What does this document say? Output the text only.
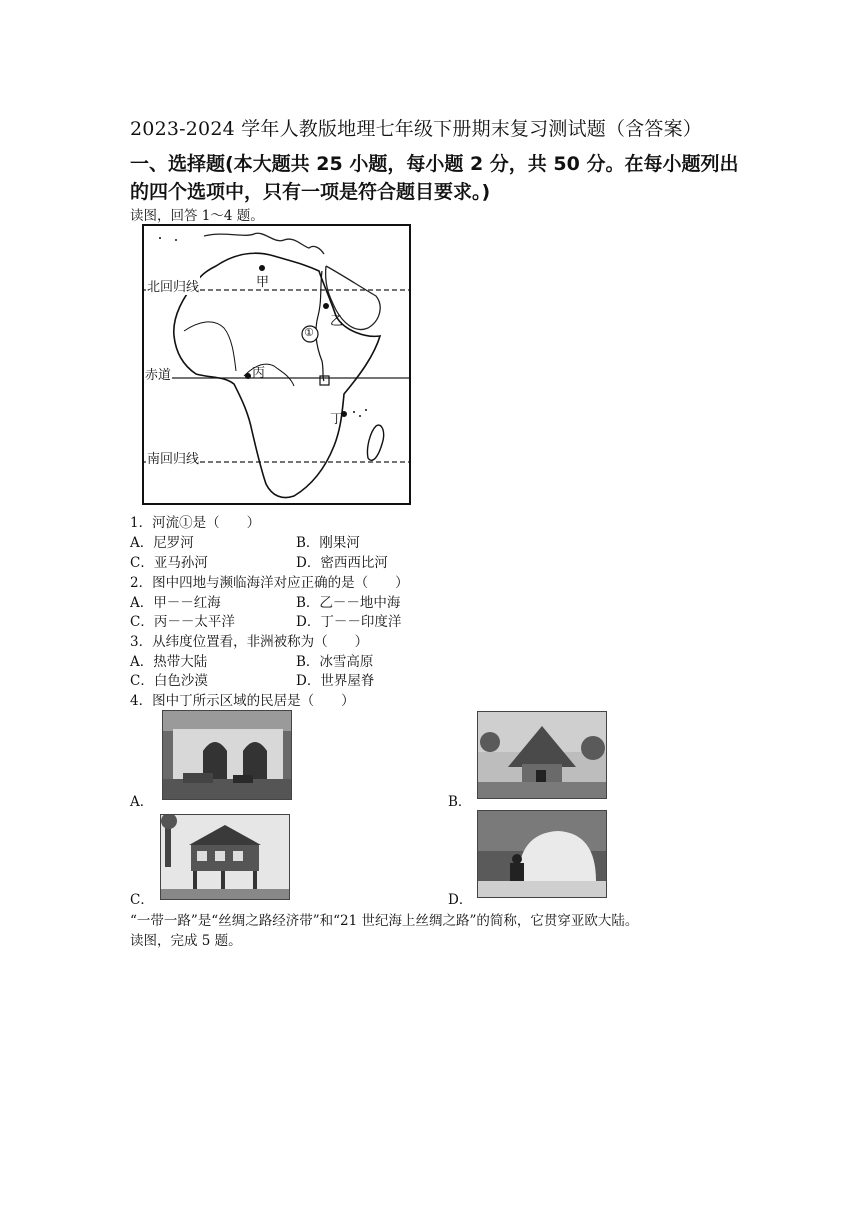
2023-2024 学年人教版地理七年级下册期末复习测试题（含答案）
一、选择题(本大题共 25 小题，每小题 2 分，共 50 分。在每小题列出的四个选项中，只有一项是符合题目要求。)
读图，回答 1～4 题。
北回归线
赤道
南回归线
甲
乙
丙
丁
①
1．河流①是（　　）
A．尼罗河	B．刚果河
C．亚马孙河	D．密西西比河
2．图中四地与濒临海洋对应正确的是（　　）
A．甲－－红海	B．乙－－地中海
C．丙－－太平洋	D．丁－－印度洋
3．从纬度位置看，非洲被称为（　　）
A．热带大陆	B．冰雪高原
C．白色沙漠	D．世界屋脊
4．图中丁所示区域的民居是（　　）
A．	B．
C．	D．
“一带一路”是“丝绸之路经济带”和“21 世纪海上丝绸之路”的简称，它贯穿亚欧大陆。
读图，完成 5 题。
